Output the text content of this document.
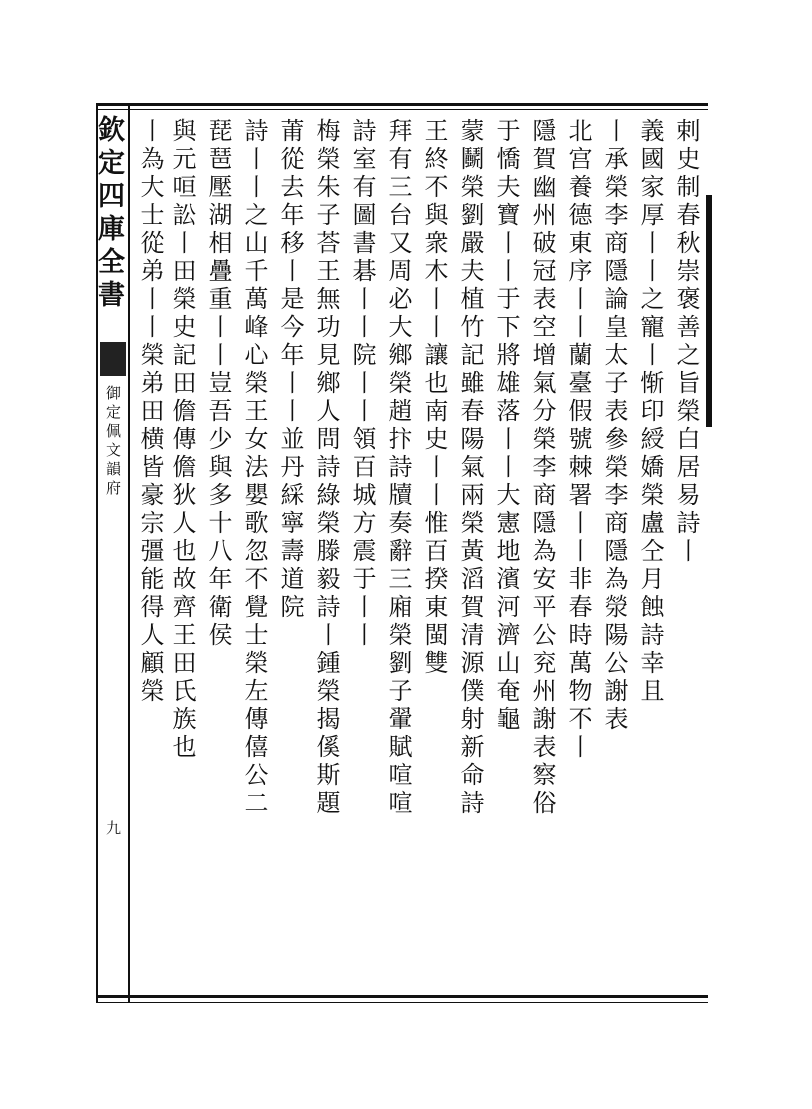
欽定四庫全書
御定佩文韻府
九
剌史制春秋崇褒善之旨榮白居易詩丨
義國家厚丨丨之寵丨惭印綬嬌榮盧仝月蝕詩幸且
丨承榮李商隱論皇太子表參榮李商隱為滎陽公謝表
北宫養德東序丨丨蘭臺假號棘署丨丨非春時萬物不丨
隱賀幽州破冠表空增氣分榮李商隱為安平公兖州謝表察俗
于憍夫寶丨丨于下將雄落丨丨大憲地濱河濟山奄龜
蒙鬭榮劉嚴夫植竹記雖春陽氣兩榮黃滔賀清源僕射新命詩
王終不與衆木丨丨讓也南史丨丨惟百揆東閩雙
拜有三台又周必大鄉榮趙抃詩牘奏辭三廂榮劉子翬賦喧喧
詩室有圖書碁丨丨院丨丨領百城方震于丨丨
梅榮朱子荅王無功見鄉人問詩綠榮滕毅詩丨鍾榮揭傒斯題
莆從去年移丨是今年丨丨並丹綵寧壽道院
詩丨丨之山千萬峰心榮王女法嬰歌忽不覺士榮左傳僖公二
琵琶壓湖相疊重丨丨豈吾少與多十八年衛侯
與元咺訟丨田榮史記田儋傳儋狄人也故齊王田氏族也
丨為大士從弟丨丨榮弟田横皆豪宗彊能得人顧榮
